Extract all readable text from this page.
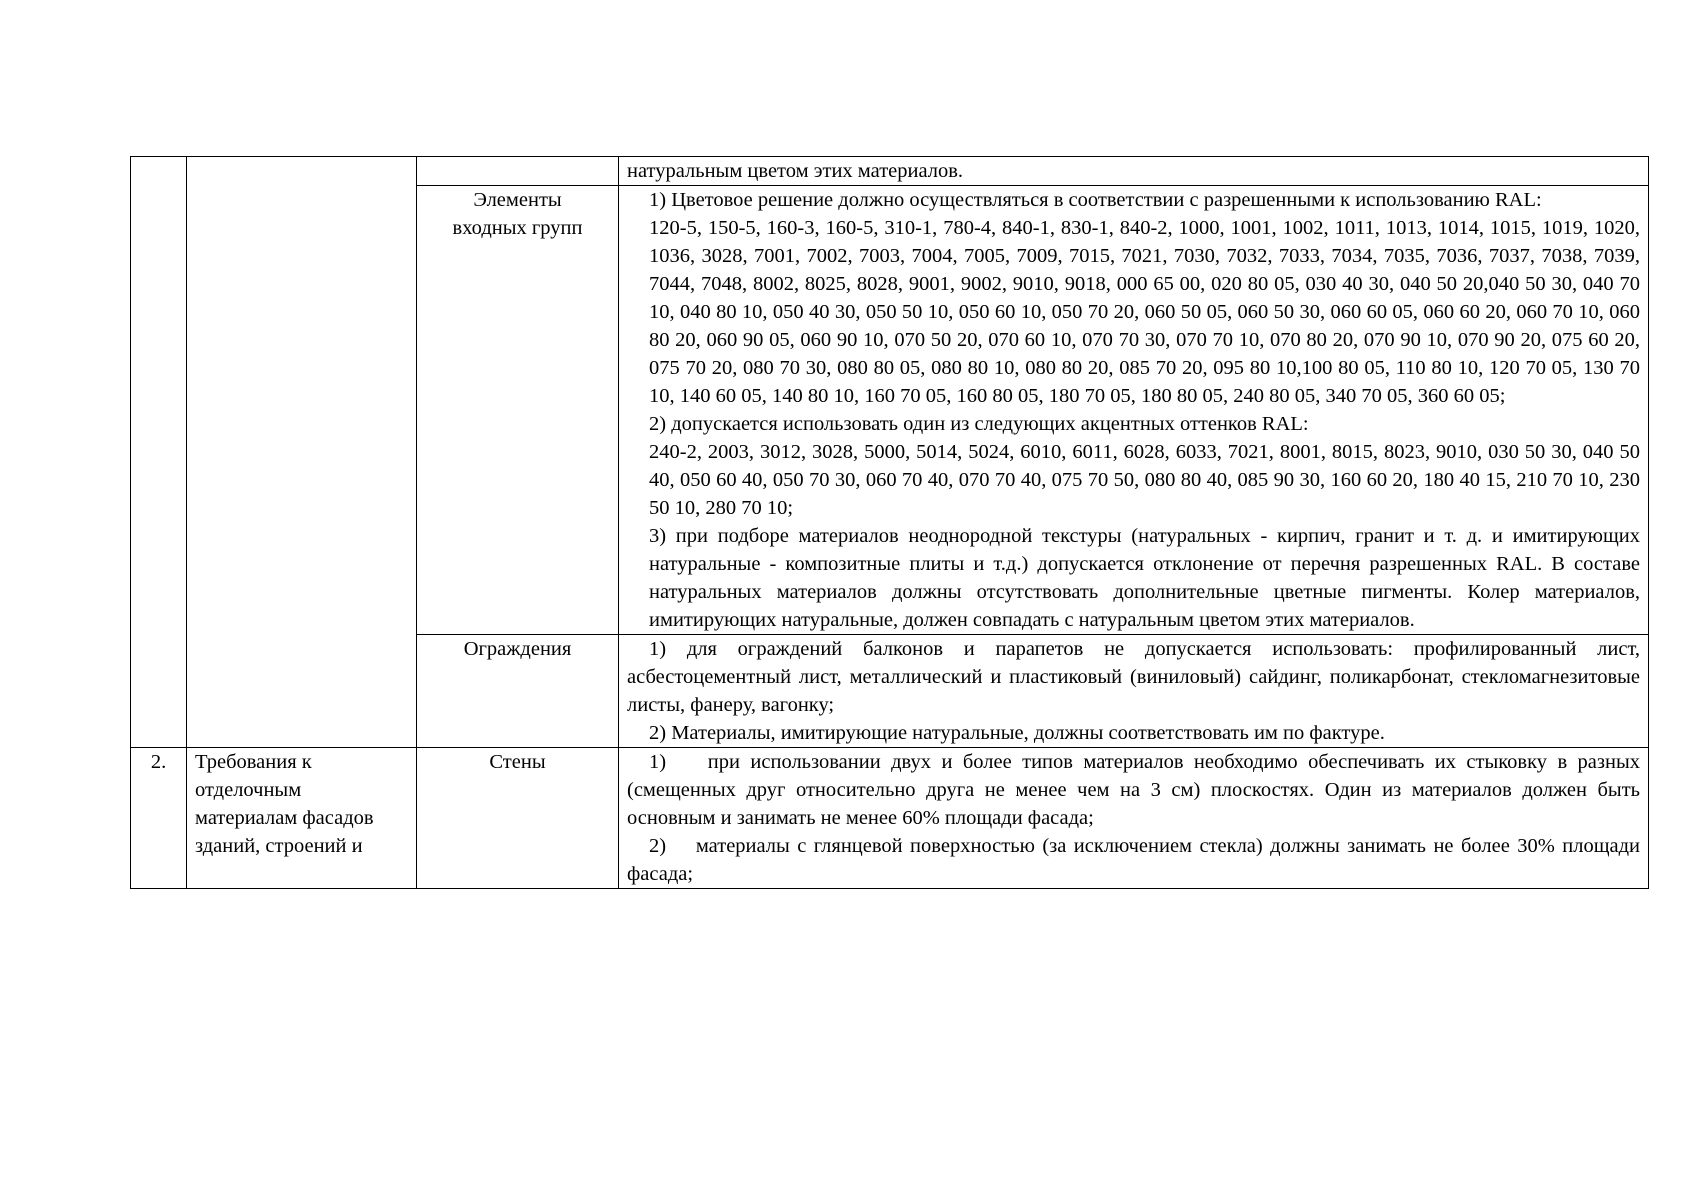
			натуральным цветом этих материалов.

		Элементы входных групп	1) Цветовое решение должно осуществляться в соответствии с разрешенными к использованию RAL:

120-5, 150-5, 160-3, 160-5, 310-1, 780-4, 840-1, 830-1, 840-2, 1000, 1001, 1002, 1011, 1013, 1014, 1015, 1019, 1020, 1036, 3028, 7001, 7002, 7003, 7004, 7005, 7009, 7015, 7021, 7030, 7032, 7033, 7034, 7035, 7036, 7037, 7038, 7039, 7044, 7048, 8002, 8025, 8028, 9001, 9002, 9010, 9018, 000 65 00, 020 80 05, 030 40 30, 040 50 20,040 50 30, 040 70 10, 040 80 10, 050 40 30, 050 50 10, 050 60 10, 050 70 20, 060 50 05, 060 50 30, 060 60 05, 060 60 20, 060 70 10, 060 80 20, 060 90 05, 060 90 10, 070 50 20, 070 60 10, 070 70 30, 070 70 10, 070 80 20, 070 90 10, 070 90 20, 075 60 20, 075 70 20, 080 70 30, 080 80 05, 080 80 10, 080 80 20, 085 70 20, 095 80 10,100 80 05, 110 80 10, 120 70 05, 130 70 10, 140 60 05, 140 80 10, 160 70 05, 160 80 05, 180 70 05, 180 80 05, 240 80 05, 340 70 05, 360 60 05;

2) допускается использовать один из следующих акцентных оттенков RAL:

240-2, 2003, 3012, 3028, 5000, 5014, 5024, 6010, 6011, 6028, 6033, 7021, 8001, 8015, 8023, 9010, 030 50 30, 040 50 40, 050 60 40, 050 70 30, 060 70 40, 070 70 40, 075 70 50, 080 80 40, 085 90 30, 160 60 20, 180 40 15, 210 70 10, 230 50 10, 280 70 10;

3) при подборе материалов неоднородной текстуры (натуральных - кирпич, гранит и т. д. и имитирующих натуральные - композитные плиты и т.д.) допускается отклонение от перечня разрешенных RAL. В составе натуральных материалов должны отсутствовать дополнительные цветные пигменты. Колер материалов, имитирующих натуральные, должен совпадать с натуральным цветом этих материалов.

		Ограждения	1) для ограждений балконов и парапетов не допускается использовать: профилированный лист, асбестоцементный лист, металлический и пластиковый (виниловый) сайдинг, поликарбонат, стекломагнезитовые листы, фанеру, вагонку;

2) Материалы, имитирующие натуральные, должны соответствовать им по фактуре.

2.	Требования к отделочным материалам фасадов зданий, строений и	Стены	1)    при использовании двух и более типов материалов необходимо обеспечивать их стыковку в разных (смещенных друг относительно друга не менее чем на 3 см) плоскостях. Один из материалов должен быть основным и занимать не менее 60% площади фасада;

2)    материалы с глянцевой поверхностью (за исключением стекла) должны занимать не более 30% площади фасада;
